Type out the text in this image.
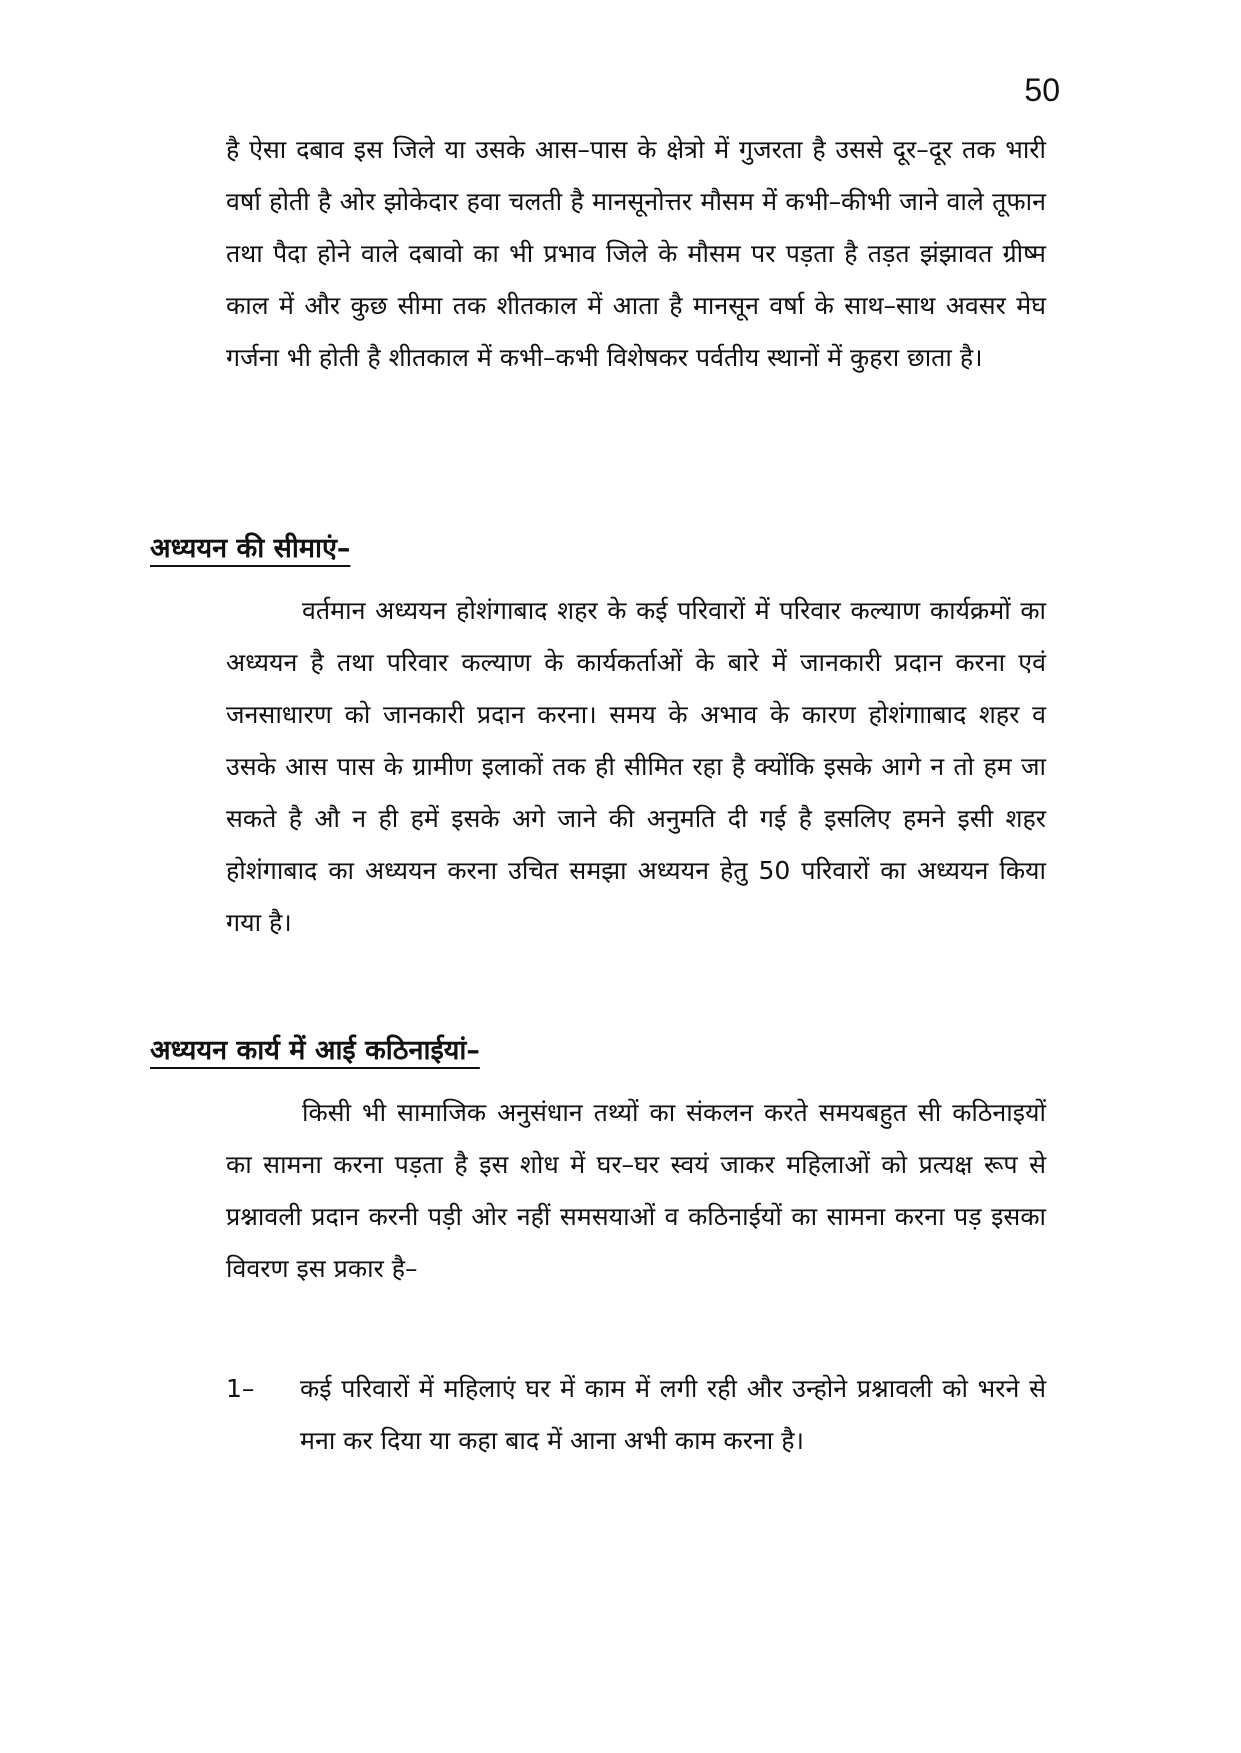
50

है ऐसा दबाव इस जिले या उसके आस–पास के क्षेत्रो में गुजरता है उससे दूर–दूर तक भारी वर्षा होती है ओर झोकेदार हवा चलती है मानसूनोत्तर मौसम में कभी–कीभी जाने वाले तूफान तथा पैदा होने वाले दबावो का भी प्रभाव जिले के मौसम पर पड़ता है तड़त झंझावत ग्रीष्म काल में और कुछ सीमा तक शीतकाल में आता है मानसून वर्षा के साथ–साथ अवसर मेघ गर्जना भी होती है शीतकाल में कभी–कभी विशेषकर पर्वतीय स्थानों में कुहरा छाता है।

अध्ययन की सीमाएं–

वर्तमान अध्ययन होशंगाबाद शहर के कई परिवारों में परिवार कल्याण कार्यक्रमों का अध्ययन है तथा परिवार कल्याण के कार्यकर्ताओं के बारे में जानकारी प्रदान करना एवं जनसाधारण को जानकारी प्रदान करना। समय के अभाव के कारण होशंगााबाद शहर व उसके आस पास के ग्रामीण इलाकों तक ही सीमित रहा है क्योंकि इसके आगे न तो हम जा सकते है औ न ही हमें इसके अगे जाने की अनुमति दी गई है इसलिए हमने इसी शहर होशंगाबाद का अध्ययन करना उचित समझा अध्ययन हेतु 50 परिवारों का अध्ययन किया गया है।

अध्ययन कार्य में आई कठिनाईयां–

किसी भी सामाजिक अनुसंधान तथ्यों का संकलन करते समयबहुत सी कठिनाइयों का सामना करना पड़ता है इस शोध में घर–घर स्वयं जाकर महिलाओं को प्रत्यक्ष रूप से प्रश्नावली प्रदान करनी पड़ी ओर नहीं समसयाओं व कठिनाईयों का सामना करना पड़ इसका विवरण इस प्रकार है–

1– कई परिवारों में महिलाएं घर में काम में लगी रही और उन्होने प्रश्नावली को भरने से मना कर दिया या कहा बाद में आना अभी काम करना है।
